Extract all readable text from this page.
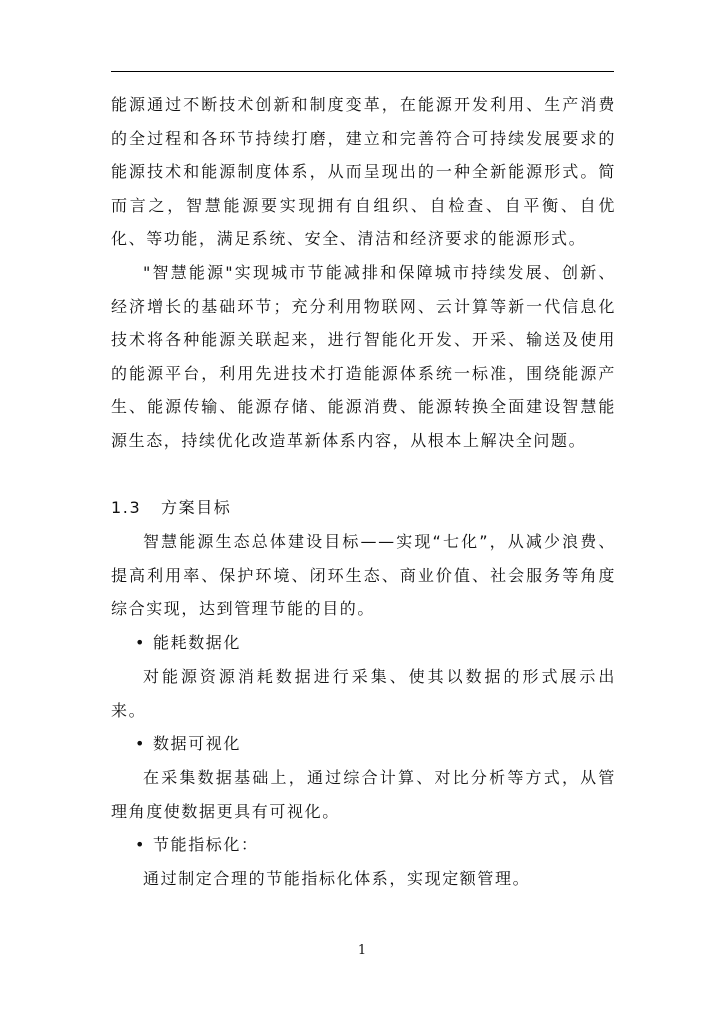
能源通过不断技术创新和制度变革，在能源开发利用、生产消费的全过程和各环节持续打磨，建立和完善符合可持续发展要求的能源技术和能源制度体系，从而呈现出的一种全新能源形式。简而言之，智慧能源要实现拥有自组织、自检查、自平衡、自优化、等功能，满足系统、安全、清洁和经济要求的能源形式。

"智慧能源"实现城市节能减排和保障城市持续发展、创新、经济增长的基础环节；充分利用物联网、云计算等新一代信息化技术将各种能源关联起来，进行智能化开发、开采、输送及使用的能源平台，利用先进技术打造能源体系统一标准，围绕能源产生、能源传输、能源存储、能源消费、能源转换全面建设智慧能源生态，持续优化改造革新体系内容，从根本上解决全问题。

1.3 方案目标

智慧能源生态总体建设目标——实现“七化”，从减少浪费、提高利用率、保护环境、闭环生态、商业价值、社会服务等角度综合实现，达到管理节能的目的。

• 能耗数据化

对能源资源消耗数据进行采集、使其以数据的形式展示出来。

• 数据可视化

在采集数据基础上，通过综合计算、对比分析等方式，从管理角度使数据更具有可视化。

• 节能指标化：

通过制定合理的节能指标化体系，实现定额管理。

1
